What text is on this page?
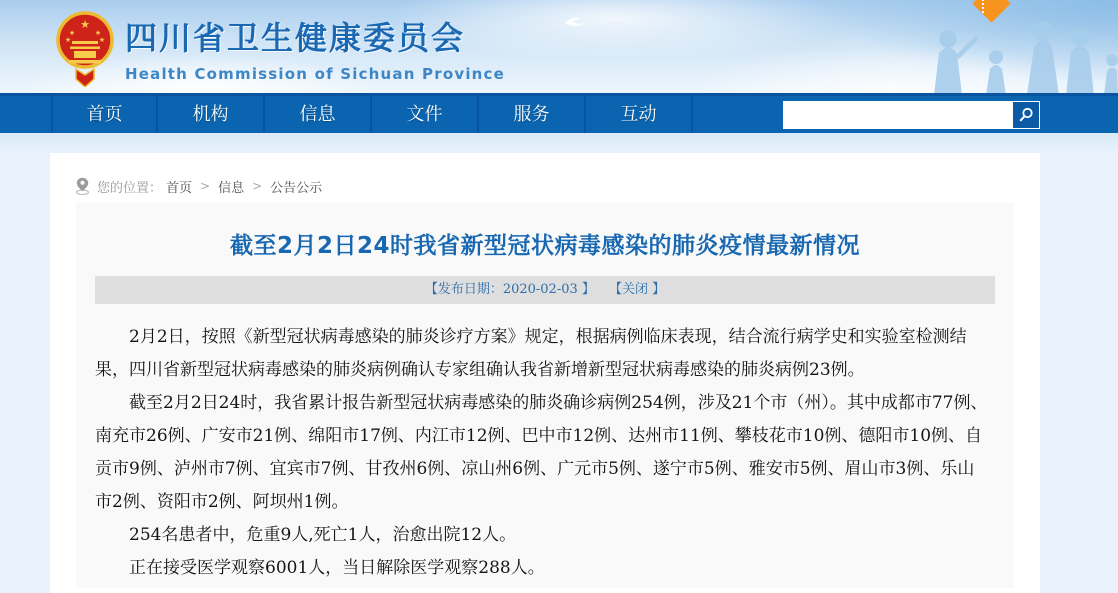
★
★	★
★	★ 四川省卫生健康委员会
Health Commission of Sichuan Province
首页	机构	信息	文件	服务	互动
您的位置： 首页 > 信息 > 公告公示
截至2月2日24时我省新型冠状病毒感染的肺炎疫情最新情况
【发布日期：2020-02-03 】 【关闭 】

2月2日，按照《新型冠状病毒感染的肺炎诊疗方案》规定，根据病例临床表现，结合流行病学史和实验室检测结果，四川省新型冠状病毒感染的肺炎病例确认专家组确认我省新增新型冠状病毒感染的肺炎病例23例。

截至2月2日24时，我省累计报告新型冠状病毒感染的肺炎确诊病例254例，涉及21个市（州）。其中成都市77例、南充市26例、广安市21例、绵阳市17例、内江市12例、巴中市12例、达州市11例、攀枝花市10例、德阳市10例、自贡市9例、泸州市7例、宜宾市7例、甘孜州6例、凉山州6例、广元市5例、遂宁市5例、雅安市5例、眉山市3例、乐山市2例、资阳市2例、阿坝州1例。

254名患者中，危重9人,死亡1人，治愈出院12人。

正在接受医学观察6001人，当日解除医学观察288人。
